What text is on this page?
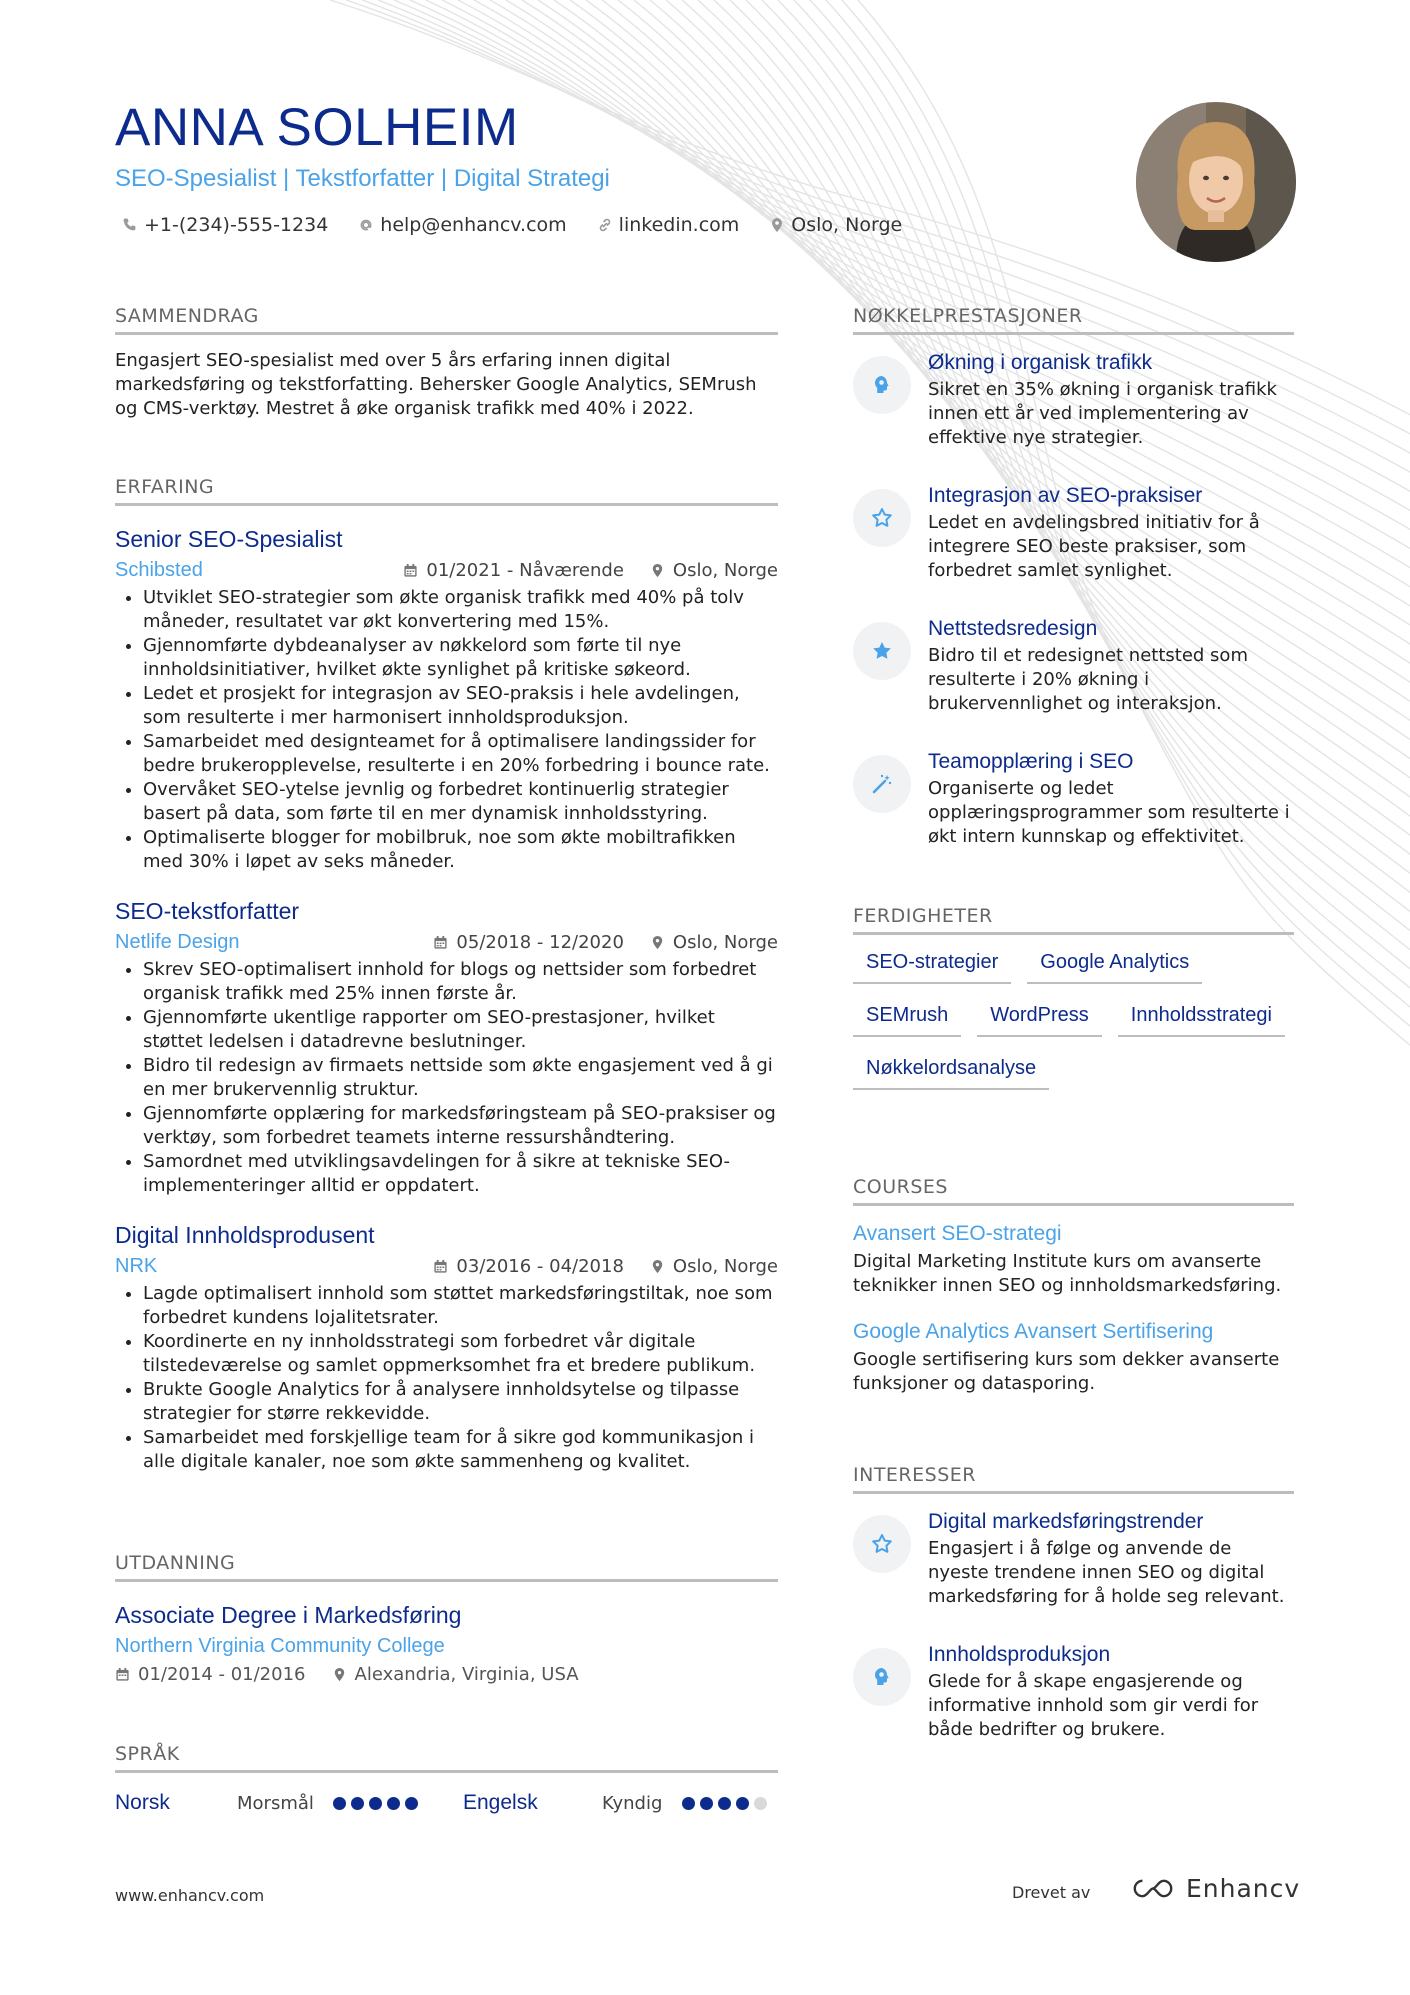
ANNA SOLHEIM
SEO-Spesialist | Tekstforfatter | Digital Strategi
+1-(234)-555-1234	help@enhancv.com	linkedin.com	Oslo, Norge
SAMMENDRAG
Engasjert SEO-spesialist med over 5 års erfaring innen digital markedsføring og tekstforfatting. Behersker Google Analytics, SEMrush og CMS-verktøy. Mestret å øke organisk trafikk med 40% i 2022.
ERFARING
Senior SEO-Spesialist
Schibsted	01/2021 - Nåværende	Oslo, Norge
• Utviklet SEO-strategier som økte organisk trafikk med 40% på tolv måneder, resultatet var økt konvertering med 15%.
• Gjennomførte dybdeanalyser av nøkkelord som førte til nye innholdsinitiativer, hvilket økte synlighet på kritiske søkeord.
• Ledet et prosjekt for integrasjon av SEO-praksis i hele avdelingen, som resulterte i mer harmonisert innholdsproduksjon.
• Samarbeidet med designteamet for å optimalisere landingssider for bedre brukeropplevelse, resulterte i en 20% forbedring i bounce rate.
• Overvåket SEO-ytelse jevnlig og forbedret kontinuerlig strategier basert på data, som førte til en mer dynamisk innholdsstyring.
• Optimaliserte blogger for mobilbruk, noe som økte mobiltrafikken med 30% i løpet av seks måneder.
SEO-tekstforfatter
Netlife Design	05/2018 - 12/2020	Oslo, Norge
• Skrev SEO-optimalisert innhold for blogs og nettsider som forbedret organisk trafikk med 25% innen første år.
• Gjennomførte ukentlige rapporter om SEO-prestasjoner, hvilket støttet ledelsen i datadrevne beslutninger.
• Bidro til redesign av firmaets nettside som økte engasjement ved å gi en mer brukervennlig struktur.
• Gjennomførte opplæring for markedsføringsteam på SEO-praksiser og verktøy, som forbedret teamets interne ressurshåndtering.
• Samordnet med utviklingsavdelingen for å sikre at tekniske SEO-implementeringer alltid er oppdatert.
Digital Innholdsprodusent
NRK	03/2016 - 04/2018	Oslo, Norge
• Lagde optimalisert innhold som støttet markedsføringstiltak, noe som forbedret kundens lojalitetsrater.
• Koordinerte en ny innholdsstrategi som forbedret vår digitale tilstedeværelse og samlet oppmerksomhet fra et bredere publikum.
• Brukte Google Analytics for å analysere innholdsytelse og tilpasse strategier for større rekkevidde.
• Samarbeidet med forskjellige team for å sikre god kommunikasjon i alle digitale kanaler, noe som økte sammenheng og kvalitet.
UTDANNING
Associate Degree i Markedsføring
Northern Virginia Community College
01/2014 - 01/2016	Alexandria, Virginia, USA
SPRÅK
Norsk	Morsmål	Engelsk	Kyndig
NØKKELPRESTASJONER
Økning i organisk trafikk
Sikret en 35% økning i organisk trafikk innen ett år ved implementering av effektive nye strategier.
Integrasjon av SEO-praksiser
Ledet en avdelingsbred initiativ for å integrere SEO beste praksiser, som forbedret samlet synlighet.
Nettstedsredesign
Bidro til et redesignet nettsted som resulterte i 20% økning i brukervennlighet og interaksjon.
Teamopplæring i SEO
Organiserte og ledet opplæringsprogrammer som resulterte i økt intern kunnskap og effektivitet.
FERDIGHETER
SEO-strategier	Google Analytics
SEMrush	WordPress	Innholdsstrategi
Nøkkelordsanalyse
COURSES
Avansert SEO-strategi
Digital Marketing Institute kurs om avanserte teknikker innen SEO og innholdsmarkedsføring.
Google Analytics Avansert Sertifisering
Google sertifisering kurs som dekker avanserte funksjoner og datasporing.
INTERESSER
Digital markedsføringstrender
Engasjert i å følge og anvende de nyeste trendene innen SEO og digital markedsføring for å holde seg relevant.
Innholdsproduksjon
Glede for å skape engasjerende og informative innhold som gir verdi for både bedrifter og brukere.
www.enhancv.com	Drevet av	Enhancv
